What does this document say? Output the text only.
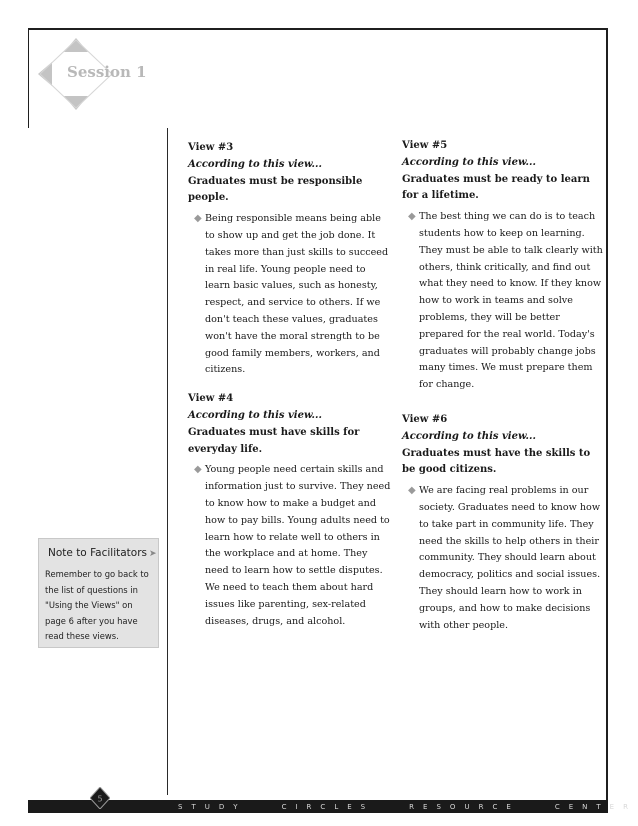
Session 1
View #3
According to this view...
Graduates must be responsible people.
◆ Being responsible means being able to show up and get the job done. It takes more than just skills to succeed in real life. Young people need to learn basic values, such as honesty, respect, and service to others. If we don't teach these values, graduates won't have the moral strength to be good family members, workers, and citizens.
View #4
According to this view...
Graduates must have skills for everyday life.
◆ Young people need certain skills and information just to survive. They need to know how to make a budget and how to pay bills. Young adults need to learn how to relate well to others in the workplace and at home. They need to learn how to settle disputes. We need to teach them about hard issues like parenting, sex-related diseases, drugs, and alcohol.
View #5
According to this view...
Graduates must be ready to learn for a lifetime.
◆ The best thing we can do is to teach students how to keep on learning. They must be able to talk clearly with others, think critically, and find out what they need to know. If they know how to work in teams and solve problems, they will be better prepared for the real world. Today's graduates will probably change jobs many times. We must prepare them for change.
View #6
According to this view...
Graduates must have the skills to be good citizens.
◆ We are facing real problems in our society. Graduates need to know how to take part in community life. They need the skills to help others in their community. They should learn about democracy, politics and social issues. They should learn how to work in groups, and how to make decisions with other people.
Note to Facilitators ➤
Remember to go back to the list of questions in "Using the Views" on page 6 after you have read these views.
S T U D Y	C I R C L E S	R E S O U R C E	C E N T E R
5
